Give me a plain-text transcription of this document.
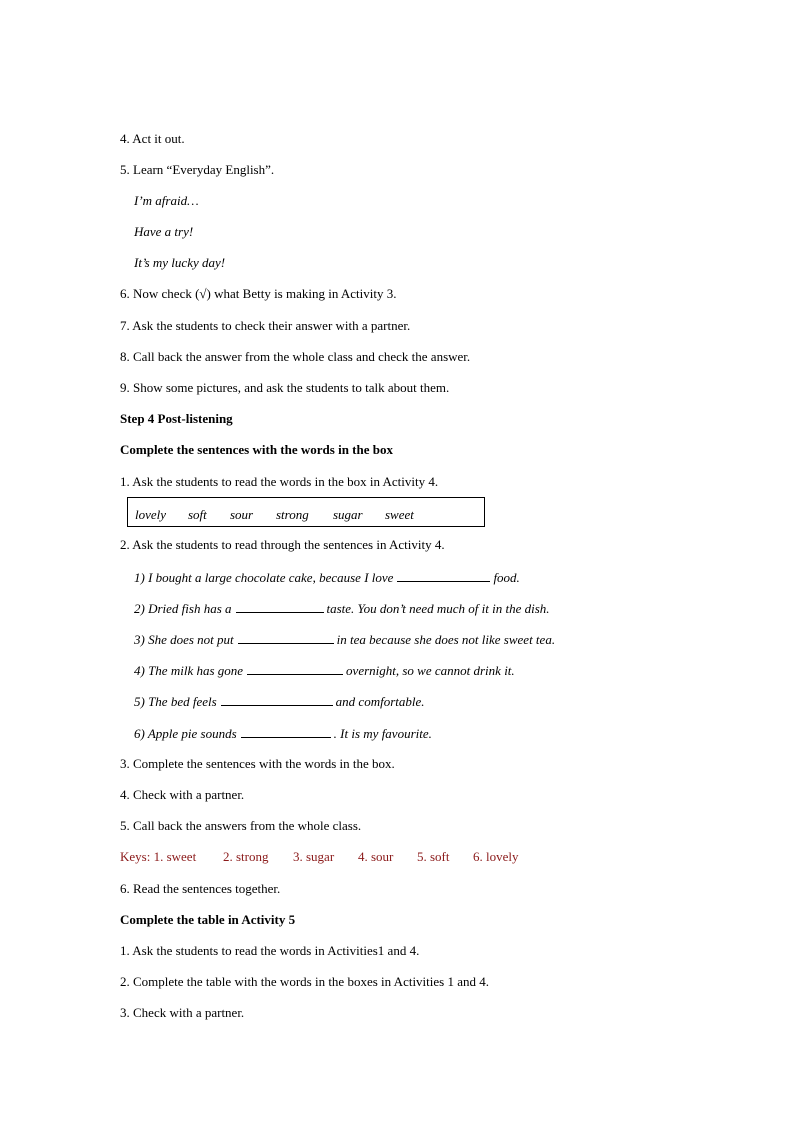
4. Act it out.
5. Learn “Everyday English”.
I’m afraid…
Have a try!
It’s my lucky day!
6. Now check (√) what Betty is making in Activity 3.
7. Ask the students to check their answer with a partner.
8. Call back the answer from the whole class and check the answer.
9. Show some pictures, and ask the students to talk about them.
Step 4 Post-listening
Complete the sentences with the words in the box
1. Ask the students to read the words in the box in Activity 4.
lovely soft sour strong sugar sweet
2. Ask the students to read through the sentences in Activity 4.
1) I bought a large chocolate cake, because I love	food.
2) Dried fish has a	taste. You don’t need much of it in the dish.
3) She does not put	in tea because she does not like sweet tea.
4) The milk has gone	overnight, so we cannot drink it.
5) The bed feels	and comfortable.
6) Apple pie sounds	. It is my favourite.
3. Complete the sentences with the words in the box.
4. Check with a partner.
5. Call back the answers from the whole class.
Keys: 1. sweet 2. strong 3. sugar 4. sour 5. soft 6. lovely
6. Read the sentences together.
Complete the table in Activity 5
1. Ask the students to read the words in Activities1 and 4.
2. Complete the table with the words in the boxes in Activities 1 and 4.
3. Check with a partner.
